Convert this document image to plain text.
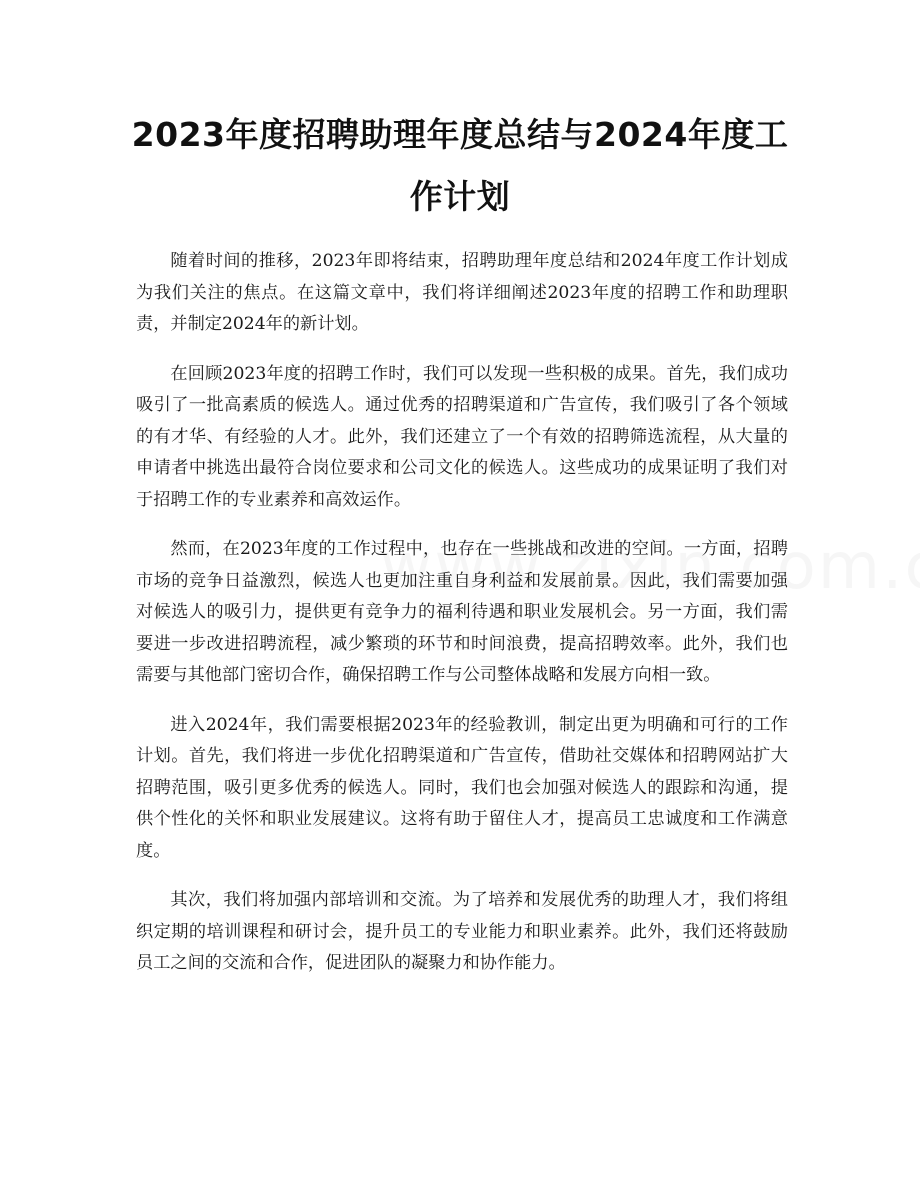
2023年度招聘助理年度总结与2024年度工作计划

随着时间的推移，2023年即将结束，招聘助理年度总结和2024年度工作计划成为我们关注的焦点。在这篇文章中，我们将详细阐述2023年度的招聘工作和助理职责，并制定2024年的新计划。

在回顾2023年度的招聘工作时，我们可以发现一些积极的成果。首先，我们成功吸引了一批高素质的候选人。通过优秀的招聘渠道和广告宣传，我们吸引了各个领域的有才华、有经验的人才。此外，我们还建立了一个有效的招聘筛选流程，从大量的申请者中挑选出最符合岗位要求和公司文化的候选人。这些成功的成果证明了我们对于招聘工作的专业素养和高效运作。

然而，在2023年度的工作过程中，也存在一些挑战和改进的空间。一方面，招聘市场的竞争日益激烈，候选人也更加注重自身利益和发展前景。因此，我们需要加强对候选人的吸引力，提供更有竞争力的福利待遇和职业发展机会。另一方面，我们需要进一步改进招聘流程，减少繁琐的环节和时间浪费，提高招聘效率。此外，我们也需要与其他部门密切合作，确保招聘工作与公司整体战略和发展方向相一致。

进入2024年，我们需要根据2023年的经验教训，制定出更为明确和可行的工作计划。首先，我们将进一步优化招聘渠道和广告宣传，借助社交媒体和招聘网站扩大招聘范围，吸引更多优秀的候选人。同时，我们也会加强对候选人的跟踪和沟通，提供个性化的关怀和职业发展建议。这将有助于留住人才，提高员工忠诚度和工作满意度。

其次，我们将加强内部培训和交流。为了培养和发展优秀的助理人才，我们将组织定期的培训课程和研讨会，提升员工的专业能力和职业素养。此外，我们还将鼓励员工之间的交流和合作，促进团队的凝聚力和协作能力。
